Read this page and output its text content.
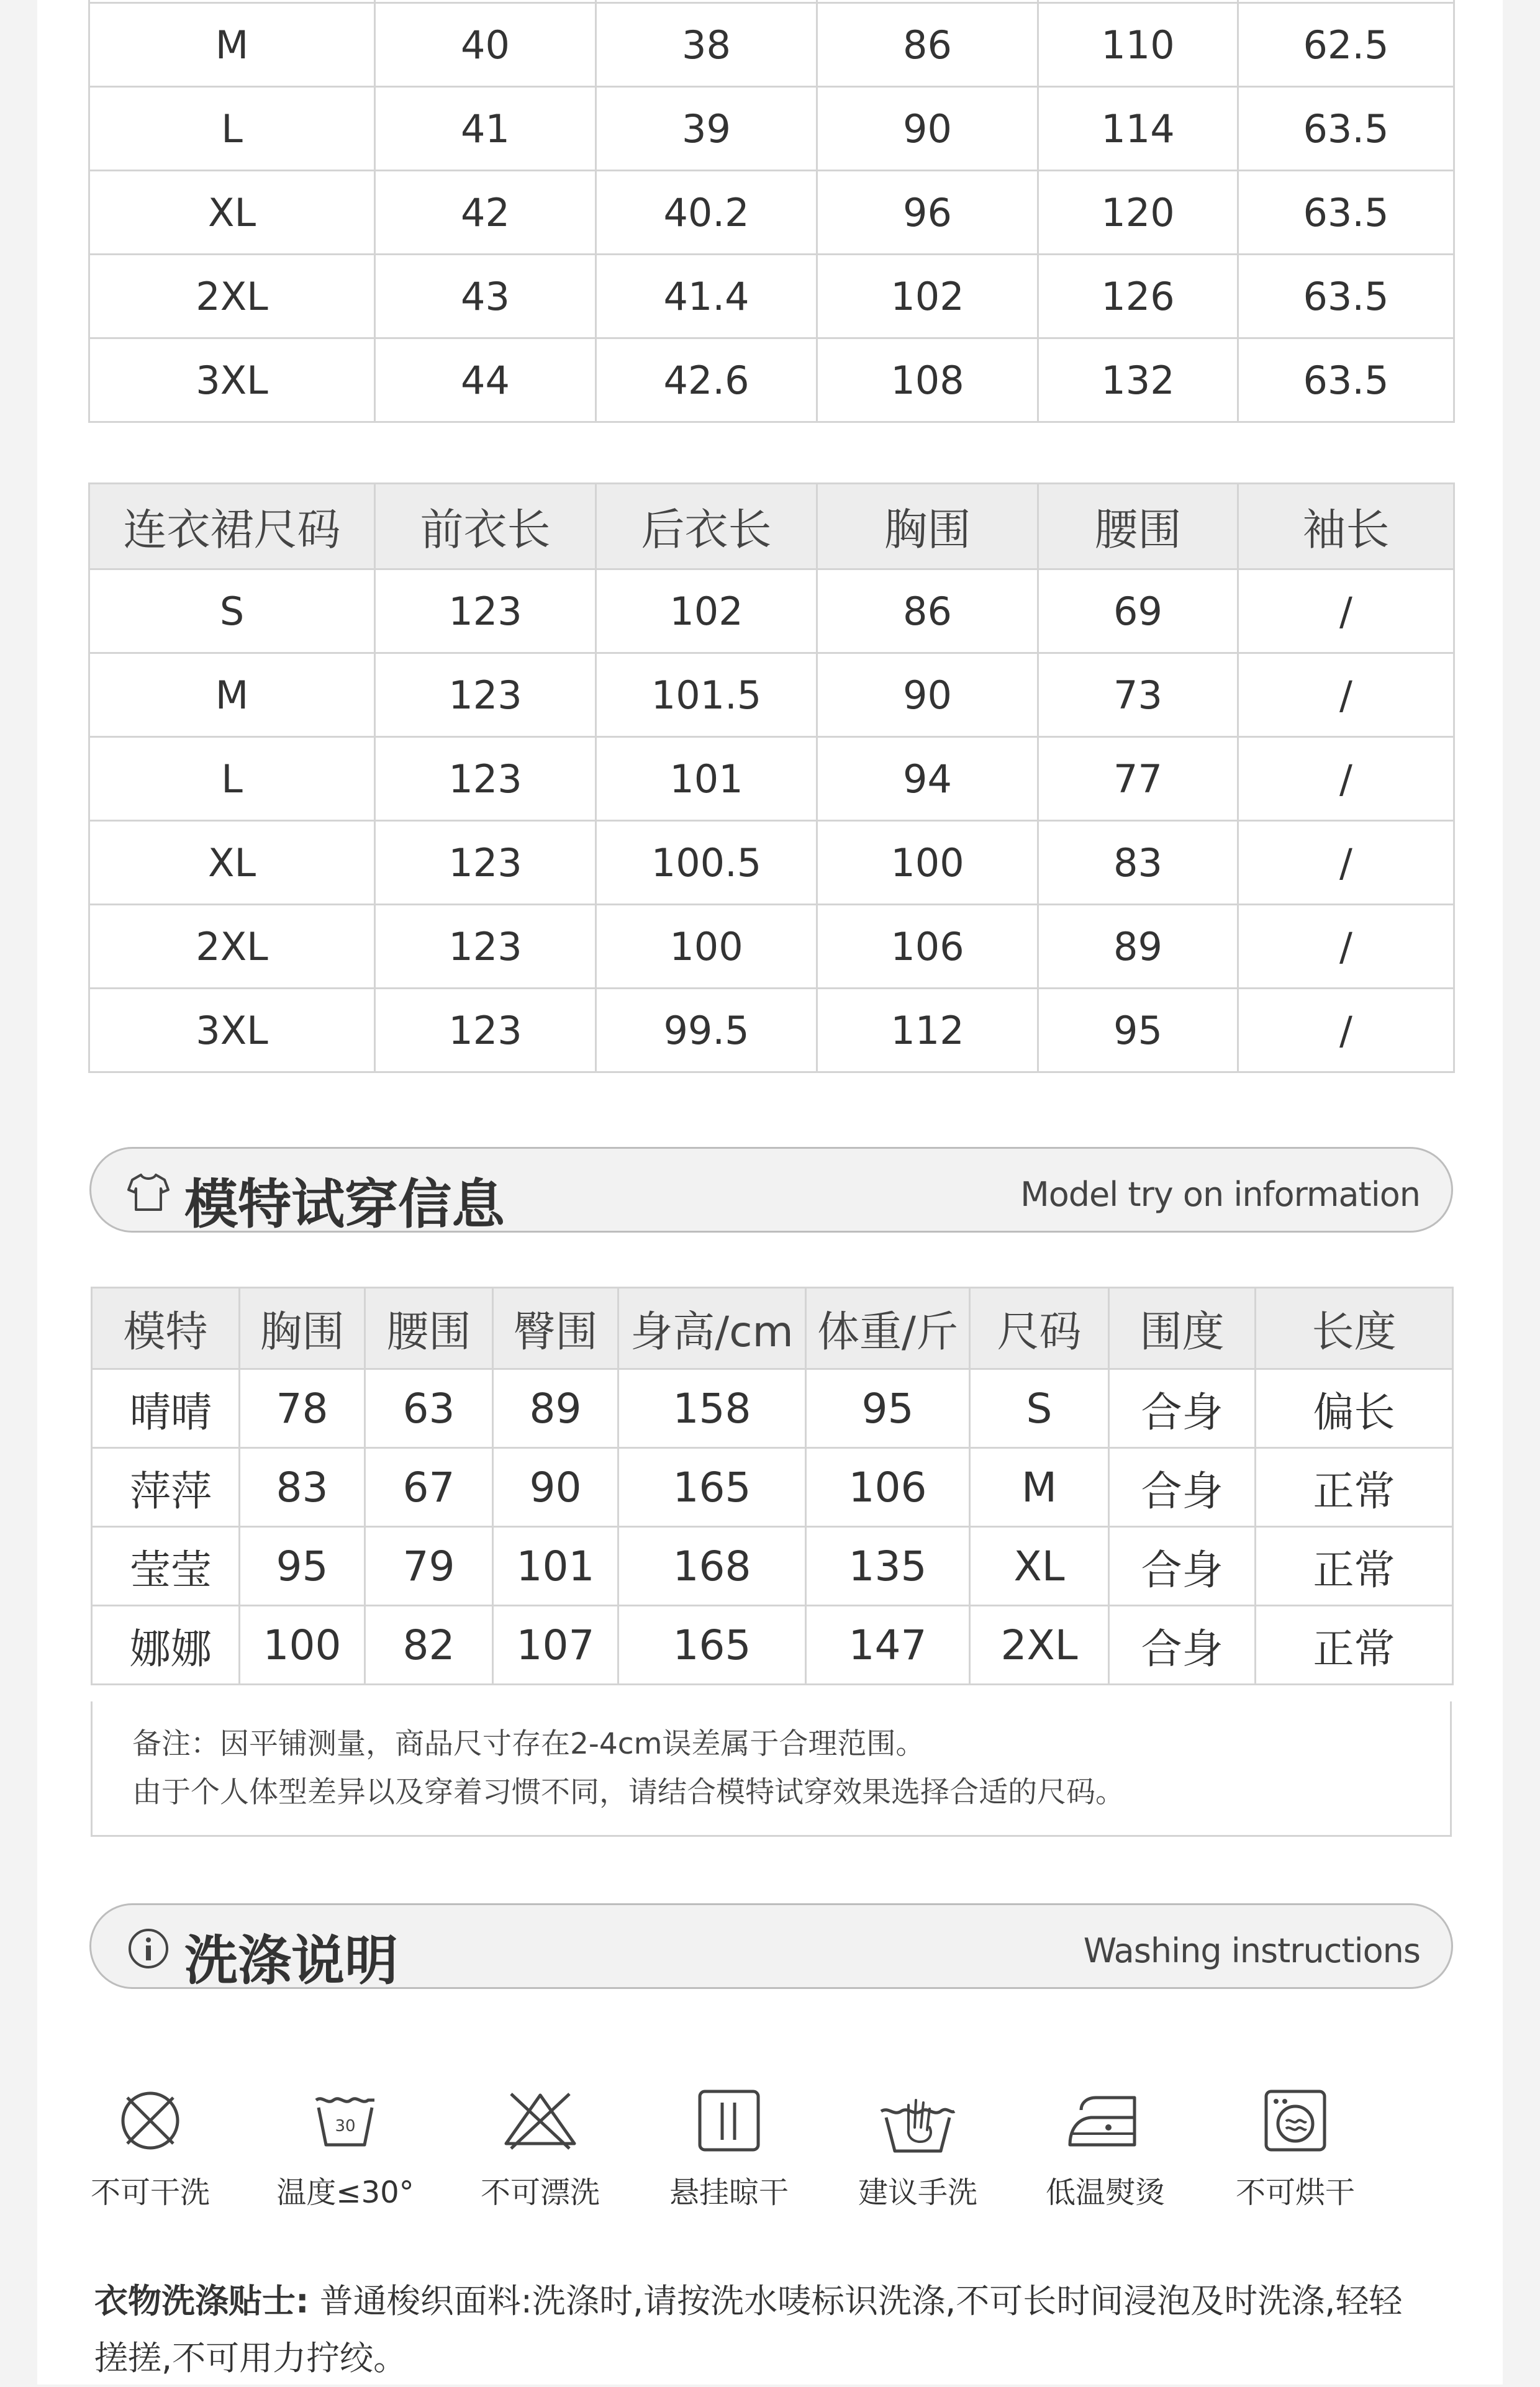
M	40	38	86	110	62.5
L	41	39	90	114	63.5
XL	42	40.2	96	120	63.5
2XL	43	41.4	102	126	63.5
3XL	44	42.6	108	132	63.5
连衣裙尺码	前衣长	后衣长	胸围	腰围	袖长
S	123	102	86	69	/
M	123	101.5	90	73	/
L	123	101	94	77	/
XL	123	100.5	100	83	/
2XL	123	100	106	89	/
3XL	123	99.5	112	95	/
模特试穿信息	Model try on information
模特	胸围	腰围	臀围	身高/cm	体重/斤	尺码	围度	长度
晴晴	78	63	89	158	95	S	合身	偏长
萍萍	83	67	90	165	106	M	合身	正常
莹莹	95	79	101	168	135	XL	合身	正常
娜娜	100	82	107	165	147	2XL	合身	正常
备注：因平铺测量，商品尺寸存在2-4cm误差属于合理范围。
由于个人体型差异以及穿着习惯不同，请结合模特试穿效果选择合适的尺码。
洗涤说明	Washing instructions
不可干洗
30
温度≤30°	不可漂洗	悬挂晾干	建议手洗	低温熨烫	不可烘干
衣物洗涤贴士: 普通梭织面料:洗涤时,请按洗水唛标识洗涤,不可长时间浸泡及时洗涤,轻轻
搓搓,不可用力拧绞。
